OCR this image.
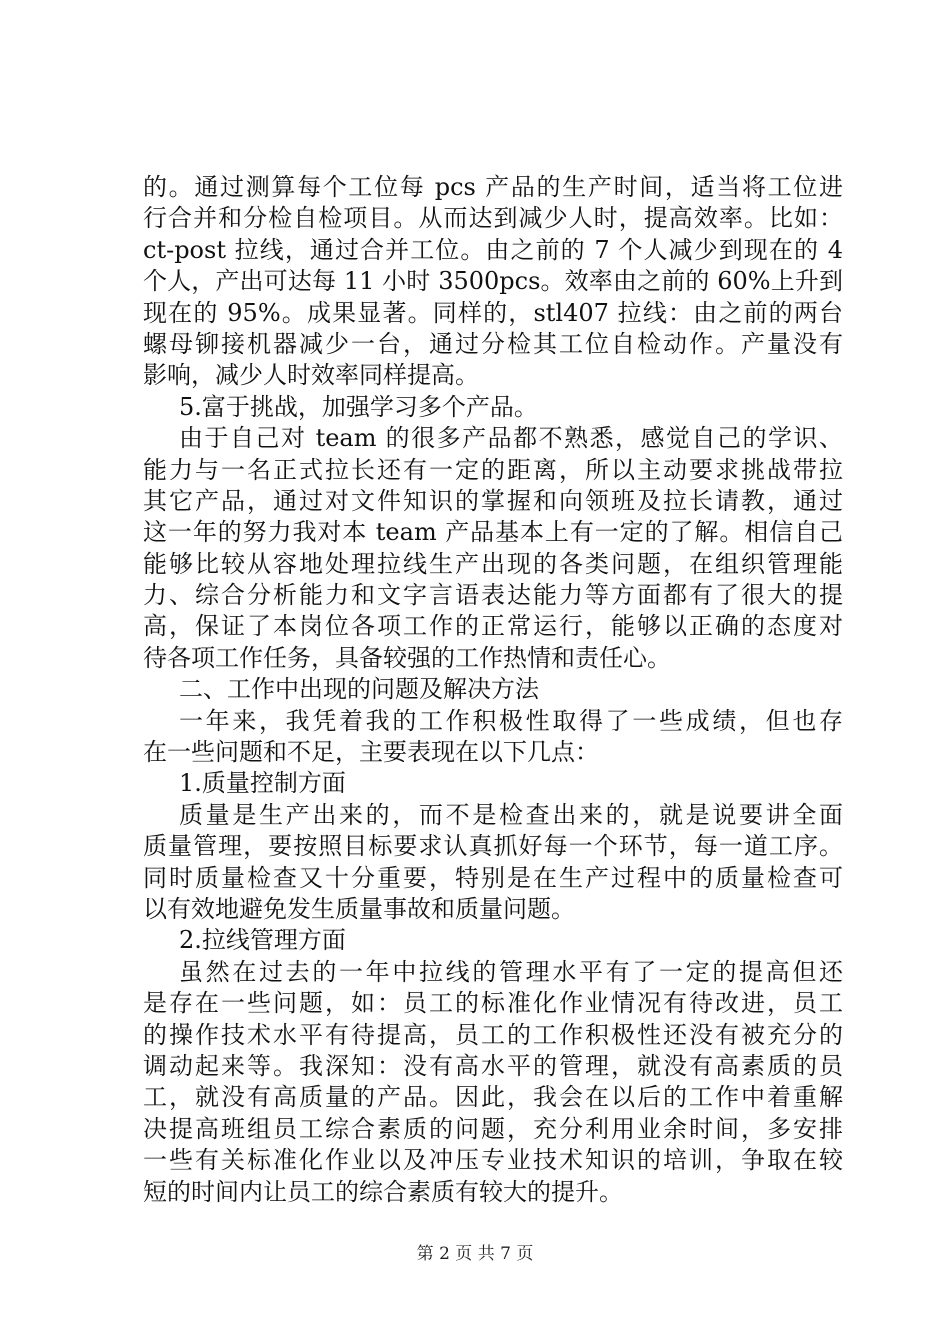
的。通过测算每个工位每 pcs 产品的生产时间，适当将工位进
行合并和分检自检项目。从而达到减少人时，提高效率。比如：
ct-post 拉线，通过合并工位。由之前的 7 个人减少到现在的 4
个人，产出可达每 11 小时 3500pcs。效率由之前的 60%上升到
现在的 95%。成果显著。同样的，stl407 拉线：由之前的两台
螺母铆接机器减少一台，通过分检其工位自检动作。产量没有
影响，减少人时效率同样提高。
5.富于挑战，加强学习多个产品。
由于自己对 team 的很多产品都不熟悉，感觉自己的学识、
能力与一名正式拉长还有一定的距离，所以主动要求挑战带拉
其它产品，通过对文件知识的掌握和向领班及拉长请教，通过
这一年的努力我对本 team 产品基本上有一定的了解。相信自己
能够比较从容地处理拉线生产出现的各类问题，在组织管理能
力、综合分析能力和文字言语表达能力等方面都有了很大的提
高，保证了本岗位各项工作的正常运行，能够以正确的态度对
待各项工作任务，具备较强的工作热情和责任心。
二、工作中出现的问题及解决方法
一年来，我凭着我的工作积极性取得了一些成绩，但也存
在一些问题和不足，主要表现在以下几点：
1.质量控制方面
质量是生产出来的，而不是检查出来的，就是说要讲全面
质量管理，要按照目标要求认真抓好每一个环节，每一道工序。
同时质量检查又十分重要，特别是在生产过程中的质量检查可
以有效地避免发生质量事故和质量问题。
2.拉线管理方面
虽然在过去的一年中拉线的管理水平有了一定的提高但还
是存在一些问题，如：员工的标准化作业情况有待改进，员工
的操作技术水平有待提高，员工的工作积极性还没有被充分的
调动起来等。我深知：没有高水平的管理，就没有高素质的员
工，就没有高质量的产品。因此，我会在以后的工作中着重解
决提高班组员工综合素质的问题，充分利用业余时间，多安排
一些有关标准化作业以及冲压专业技术知识的培训，争取在较
短的时间内让员工的综合素质有较大的提升。
第 2 页 共 7 页
